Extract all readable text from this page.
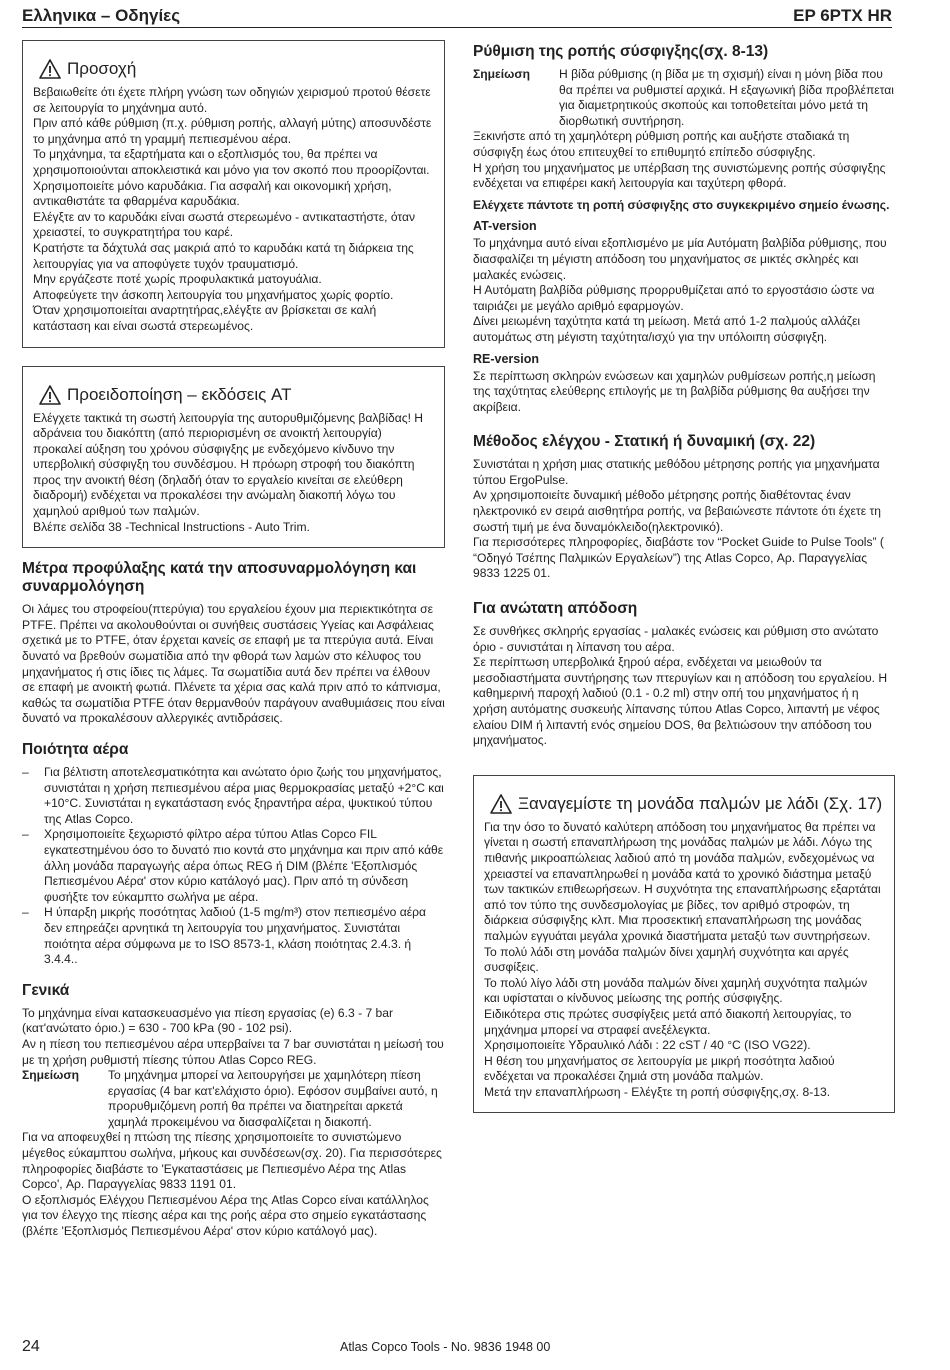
Ελληνικα – Οδηγίες	EP 6PTX HR
Προσοχή

Βεβαιωθείτε ότι έχετε πλήρη γνώση των οδηγιών χειρισμού προτού θέσετε σε λειτουργία το μηχάνημα αυτό.

Πριν από κάθε ρύθμιση (π.χ. ρύθμιση ροπής, αλλαγή μύτης) αποσυνδέστε το μηχάνημα από τη γραμμή πεπιεσμένου αέρα.

Το μηχάνημα, τα εξαρτήματα και ο εξοπλισμός του, θα πρέπει να χρησιμοποιούνται αποκλειστικά και μόνο για τον σκοπό που προορίζονται.

Χρησιμοποιείτε μόνο καρυδάκια. Για ασφαλή και οικονομική χρήση, αντικαθιστάτε τα φθαρμένα καρυδάκια.

Ελέγξτε αν το καρυδάκι είναι σωστά στερεωμένο - αντικαταστήστε, όταν χρειαστεί, το συγκρατητήρα του καρέ.

Κρατήστε τα δάχτυλά σας μακριά από το καρυδάκι κατά τη διάρκεια της λειτουργίας για να αποφύγετε τυχόν τραυματισμό.

Μην εργάζεστε ποτέ χωρίς προφυλακτικά ματογυάλια.

Αποφεύγετε την άσκοπη λειτουργία του μηχανήματος χωρίς φορτίο.

Όταν χρησιμοποιείται αναρτητήρας,ελέγξτε αν βρίσκεται σε καλή κατάσταση και είναι σωστά στερεωμένος.

Προειδοποίηση – εκδόσεις AT

Ελέγχετε τακτικά τη σωστή λειτουργία της αυτορυθμιζόμενης βαλβίδας! Η αδράνεια του διακόπτη (από περιορισμένη σε ανοικτή λειτουργία) προκαλεί αύξηση του χρόνου σύσφιγξης με ενδεχόμενο κίνδυνο την υπερβολική σύσφιγξη του συνδέσμου. Η πρόωρη στροφή του διακόπτη προς την ανοικτή θέση (δηλαδή όταν το εργαλείο κινείται σε ελεύθερη διαδρομή) ενδέχεται να προκαλέσει την ανώμαλη διακοπή λόγω του χαμηλού αριθμού των παλμών.

Βλέπε σελίδα 38 -Technical Instructions - Auto Trim.

Μέτρα προφύλαξης κατά την αποσυναρμολόγηση και συναρμολόγηση

Οι λάμες του στροφείου(πτερύγια) του εργαλείου έχουν μια περιεκτικότητα σε PTFE. Πρέπει να ακολουθούνται οι συνήθεις συστάσεις Υγείας και Ασφάλειας σχετικά με το PTFE, όταν έρχεται κανείς σε επαφή με τα πτερύγια αυτά. Είναι δυνατό να βρεθούν σωματίδια από την φθορά των λαμών στο κέλυφος του μηχανήματος ή στις ίδιες τις λάμες. Τα σωματίδια αυτά δεν πρέπει να έλθουν σε επαφή με ανοικτή φωτιά. Πλένετε τα χέρια σας καλά πριν από το κάπνισμα, καθώς τα σωματίδια PTFE όταν θερμανθούν παράγουν αναθυμιάσεις που είναι δυνατό να προκαλέσουν αλλεργικές αντιδράσεις.

Ποιότητα αέρα
–	Για βέλτιστη αποτελεσματικότητα και ανώτατο όριο ζωής του μηχανήματος, συνιστάται η χρήση πεπιεσμένου αέρα μιας θερμοκρασίας μεταξύ +2°C και +10°C. Συνιστάται η εγκατάσταση ενός ξηραντήρα αέρα, ψυκτικού τύπου της Atlas Copco.
–	Χρησιμοποιείτε ξεχωριστό φίλτρο αέρα τύπου Atlas Copco FIL εγκατεστημένου όσο το δυνατό πιο κοντά στο μηχάνημα και πριν από κάθε άλλη μονάδα παραγωγής αέρα όπως REG ή DIM (βλέπε 'Εξοπλισμός Πεπιεσμένου Αέρα' στον κύριο κατάλογό μας). Πριν από τη σύνδεση φυσήξτε τον εύκαμπτο σωλήνα με αέρα.
–	Η ύπαρξη μικρής ποσότητας λαδιού (1-5 mg/m³) στον πεπιεσμένο αέρα δεν επηρεάζει αρνητικά τη λειτουργία του μηχανήματος. Συνιστάται ποιότητα αέρα σύμφωνα με το ISO 8573-1, κλάση ποιότητας 2.4.3. ή 3.4.4..
Γενικά

Το μηχάνημα είναι κατασκευασμένο για πίεση εργασίας (e) 6.3 - 7 bar (κατ'ανώτατο όριο.) = 630 - 700 kPa (90 - 102 psi).

Αν η πίεση του πεπιεσμένου αέρα υπερβαίνει τα 7 bar συνιστάται η μείωσή του με τη χρήση ρυθμιστή πίεσης τύπου Atlas Copco REG.

Σημείωση	Το μηχάνημα μπορεί να λειτουργήσει με χαμηλότερη πίεση εργασίας (4 bar κατ'ελάχιστο όριο). Εφόσον συμβαίνει αυτό, η προρυθμιζόμενη ροπή θα πρέπει να διατηρείται αρκετά χαμηλά προκειμένου να διασφαλίζεται η διακοπή.

Για να αποφευχθεί η πτώση της πίεσης χρησιμοποιείτε το συνιστώμενο μέγεθος εύκαμπτου σωλήνα, μήκους και συνδέσεων(σχ. 20). Για περισσότερες πληροφορίες διαβάστε το 'Εγκαταστάσεις με Πεπιεσμένο Αέρα της Atlas Copco', Αρ. Παραγγελίας 9833 1191 01.

Ο εξοπλισμός Ελέγχου Πεπιεσμένου Αέρα της Atlas Copco είναι κατάλληλος για τον έλεγχο της πίεσης αέρα και της ροής αέρα στο σημείο εγκατάστασης (βλέπε 'Εξοπλισμός Πεπιεσμένου Αέρα' στον κύριο κατάλογό μας).

Ρύθμιση της ροπής σύσφιγξης(σχ. 8-13)
Σημείωση	Η βίδα ρύθμισης (η βίδα με τη σχισμή) είναι η μόνη βίδα που θα πρέπει να ρυθμιστεί αρχικά. Η εξαγωνική βίδα προβλέπεται για διαμετρητικούς σκοπούς και τοποθετείται μόνο μετά τη διορθωτική συντήρηση.

Ξεκινήστε από τη χαμηλότερη ρύθμιση ροπής και αυξήστε σταδιακά τη σύσφιγξη έως ότου επιτευχθεί το επιθυμητό επίπεδο σύσφιγξης.

Η χρήση του μηχανήματος με υπέρβαση της συνιστώμενης ροπής σύσφιγξης ενδέχεται να επιφέρει κακή λειτουργία και ταχύτερη φθορά.

Ελέγχετε πάντοτε τη ροπή σύσφιγξης στο συγκεκριμένο σημείο ένωσης.

AT-version

Το μηχάνημα αυτό είναι εξοπλισμένο με μία Αυτόματη βαλβίδα ρύθμισης, που διασφαλίζει τη μέγιστη απόδοση του μηχανήματος σε μικτές σκληρές και μαλακές ενώσεις.

Η Αυτόματη βαλβίδα ρύθμισης προρρυθμίζεται από το εργοστάσιο ώστε να ταιριάζει με μεγάλο αριθμό εφαρμογών.

Δίνει μειωμένη ταχύτητα κατά τη μείωση. Μετά από 1-2 παλμούς αλλάζει αυτομάτως στη μέγιστη ταχύτητα/ισχύ για την υπόλοιπη σύσφιγξη.

RE-version

Σε περίπτωση σκληρών ενώσεων και χαμηλών ρυθμίσεων ροπής,η μείωση της ταχύτητας ελεύθερης επιλογής με τη βαλβίδα ρύθμισης θα αυξήσει την ακρίβεια.

Μέθοδος ελέγχου - Στατική ή δυναμική (σχ. 22)

Συνιστάται η χρήση μιας στατικής μεθόδου μέτρησης ροπής για μηχανήματα τύπου ErgoPulse.

Αν χρησιμοποιείτε δυναμική μέθοδο μέτρησης ροπής διαθέτοντας έναν ηλεκτρονικό εν σειρά αισθητήρα ροπής, να βεβαιώνεστε πάντοτε ότι έχετε τη σωστή τιμή με ένα δυναμόκλειδο(ηλεκτρονικό).

Για περισσότερες πληροφορίες, διαβάστε τον “Pocket Guide to Pulse Tools” ( “Οδηγό Τσέπης Παλμικών Εργαλείων”) της Atlas Copco, Αρ. Παραγγελίας 9833 1225 01.

Για ανώτατη απόδοση

Σε συνθήκες σκληρής εργασίας - μαλακές ενώσεις και ρύθμιση στο ανώτατο όριο - συνιστάται η λίπανση του αέρα.

Σε περίπτωση υπερβολικά ξηρού αέρα, ενδέχεται να μειωθούν τα μεσοδιαστήματα συντήρησης των πτερυγίων και η απόδοση του εργαλείου. Η καθημερινή παροχή λαδιού (0.1 - 0.2 ml) στην οπή του μηχανήματος ή η χρήση αυτόματης συσκευής λίπανσης τύπου Atlas Copco, λιπαντή με νέφος ελαίου DIM ή λιπαντή ενός σημείου DOS, θα βελτιώσουν την απόδοση του μηχανήματος.

Ξαναγεμίστε τη μονάδα παλμών με λάδι (Σχ. 17)

Για την όσο το δυνατό καλύτερη απόδοση του μηχανήματος θα πρέπει να γίνεται η σωστή επαναπλήρωση της μονάδας παλμών με λάδι. Λόγω της πιθανής μικροαπώλειας λαδιού από τη μονάδα παλμών, ενδεχομένως να χρειαστεί να επαναπληρωθεί η μονάδα κατά το χρονικό διάστημα μεταξύ των τακτικών επιθεωρήσεων. Η συχνότητα της επαναπλήρωσης εξαρτάται από τον τύπο της συνδεσμολογίας με βίδες, τον αριθμό στροφών, τη διάρκεια σύσφιγξης κλπ. Μια προσεκτική επαναπλήρωση της μονάδας παλμών εγγυάται μεγάλα χρονικά διαστήματα μεταξύ των συντηρήσεων.

Το πολύ λάδι στη μονάδα παλμών δίνει χαμηλή συχνότητα και αργές συσφίξεις.

Το πολύ λίγο λάδι στη μονάδα παλμών δίνει χαμηλή συχνότητα παλμών και υφίσταται ο κίνδυνος μείωσης της ροπής σύσφιγξης.

Ειδικότερα στις πρώτες συσφίγξεις μετά από διακοπή λειτουργίας, το μηχάνημα μπορεί να στραφεί ανεξέλεγκτα.

Χρησιμοποιείτε Υδραυλικό Λάδι : 22 cST / 40 °C (ISO VG22).

Η θέση του μηχανήματος σε λειτουργία με μικρή ποσότητα λαδιού ενδέχεται να προκαλέσει ζημιά στη μονάδα παλμών.

Μετά την επαναπλήρωση - Ελέγξτε τη ροπή σύσφιγξης,σχ. 8-13.

24	Atlas Copco Tools - No. 9836 1948 00
